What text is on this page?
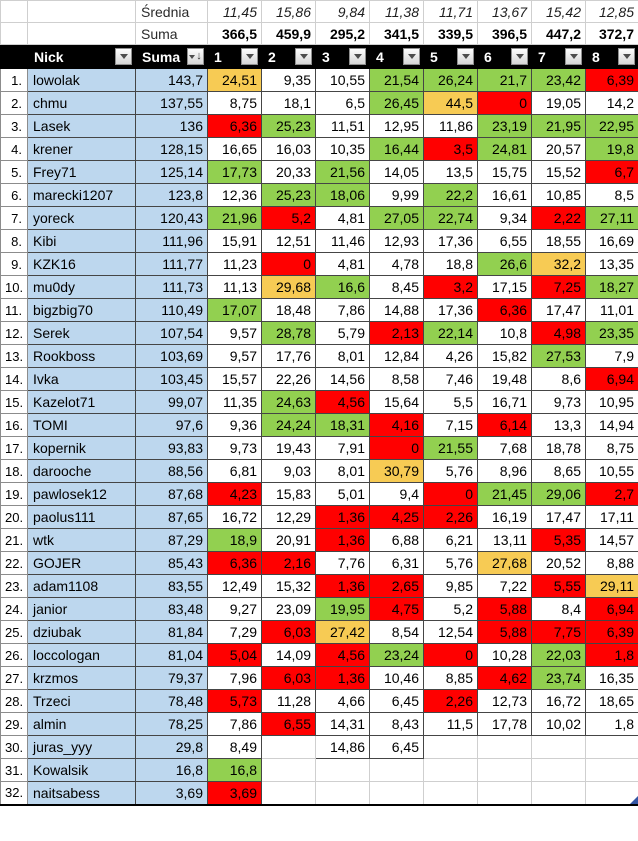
		Średnia	11,45	15,86	9,84	11,38	11,71	13,67	15,42	12,85
		Suma	366,5	459,9	295,2	341,5	339,5	396,5	447,2	372,7

	Nick	Suma ↓	1	2	3	4	5	6	7	8

1.	lowolak	143,7	24,51	9,35	10,55	21,54	26,24	21,7	23,42	6,39
2.	chmu	137,55	8,75	18,1	6,5	26,45	44,5	0	19,05	14,2
3.	Lasek	136	6,36	25,23	11,51	12,95	11,86	23,19	21,95	22,95
4.	krener	128,15	16,65	16,03	10,35	16,44	3,5	24,81	20,57	19,8
5.	Frey71	125,14	17,73	20,33	21,56	14,05	13,5	15,75	15,52	6,7
6.	marecki1207	123,8	12,36	25,23	18,06	9,99	22,2	16,61	10,85	8,5
7.	yoreck	120,43	21,96	5,2	4,81	27,05	22,74	9,34	2,22	27,11
8.	Kibi	111,96	15,91	12,51	11,46	12,93	17,36	6,55	18,55	16,69
9.	KZK16	111,77	11,23	0	4,81	4,78	18,8	26,6	32,2	13,35
10.	mu0dy	111,73	11,13	29,68	16,6	8,45	3,2	17,15	7,25	18,27
11.	bigzbig70	110,49	17,07	18,48	7,86	14,88	17,36	6,36	17,47	11,01
12.	Serek	107,54	9,57	28,78	5,79	2,13	22,14	10,8	4,98	23,35
13.	Rookboss	103,69	9,57	17,76	8,01	12,84	4,26	15,82	27,53	7,9
14.	Ivka	103,45	15,57	22,26	14,56	8,58	7,46	19,48	8,6	6,94
15.	Kazelot71	99,07	11,35	24,63	4,56	15,64	5,5	16,71	9,73	10,95
16.	TOMI	97,6	9,36	24,24	18,31	4,16	7,15	6,14	13,3	14,94
17.	kopernik	93,83	9,73	19,43	7,91	0	21,55	7,68	18,78	8,75
18.	darooche	88,56	6,81	9,03	8,01	30,79	5,76	8,96	8,65	10,55
19.	pawlosek12	87,68	4,23	15,83	5,01	9,4	0	21,45	29,06	2,7
20.	paolus111	87,65	16,72	12,29	1,36	4,25	2,26	16,19	17,47	17,11
21.	wtk	87,29	18,9	20,91	1,36	6,88	6,21	13,11	5,35	14,57
22.	GOJER	85,43	6,36	2,16	7,76	6,31	5,76	27,68	20,52	8,88
23.	adam1108	83,55	12,49	15,32	1,36	2,65	9,85	7,22	5,55	29,11
24.	janior	83,48	9,27	23,09	19,95	4,75	5,2	5,88	8,4	6,94
25.	dziubak	81,84	7,29	6,03	27,42	8,54	12,54	5,88	7,75	6,39
26.	loccologan	81,04	5,04	14,09	4,56	23,24	0	10,28	22,03	1,8
27.	krzmos	79,37	7,96	6,03	1,36	10,46	8,85	4,62	23,74	16,35
28.	Trzeci	78,48	5,73	11,28	4,66	6,45	2,26	12,73	16,72	18,65
29.	almin	78,25	7,86	6,55	14,31	8,43	11,5	17,78	10,02	1,8
30.	juras_yyy	29,8	8,49		14,86	6,45				
31.	Kowalsik	16,8	16,8							
32.	naitsabess	3,69	3,69							
